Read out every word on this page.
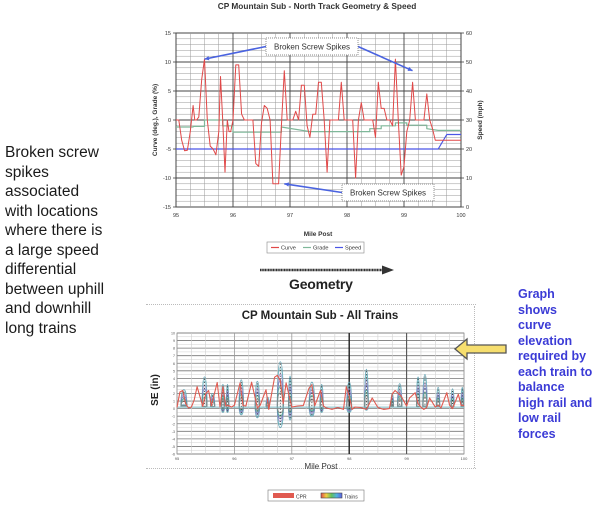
Broken screw
spikes
associated
with locations
where there is
a large speed
differential
between uphill
and downhill
long trains
CP Mountain Sub - North Track Geometry & Speed
15
10
5
0
-5
-10
-15
60
50
40
30
20
10
0
95	96	97	98	99	100
Broken Screw Spikes
Broken Screw Spikes
Mile Post
Curve (deg.), Grade (%)	Speed (mph)
Curve	Grade	Speed
Geometry
CP Mountain Sub - All Trains
10
9
8
7
6
5
4
3
2
1
0
-1
-2
-3
-4
-5
-6
95	96	97	98	99	100
Mile Post
CPR	Trains
SE (in)
Graph
shows
curve
elevation
required by
each train to
balance
high rail and
low rail
forces
